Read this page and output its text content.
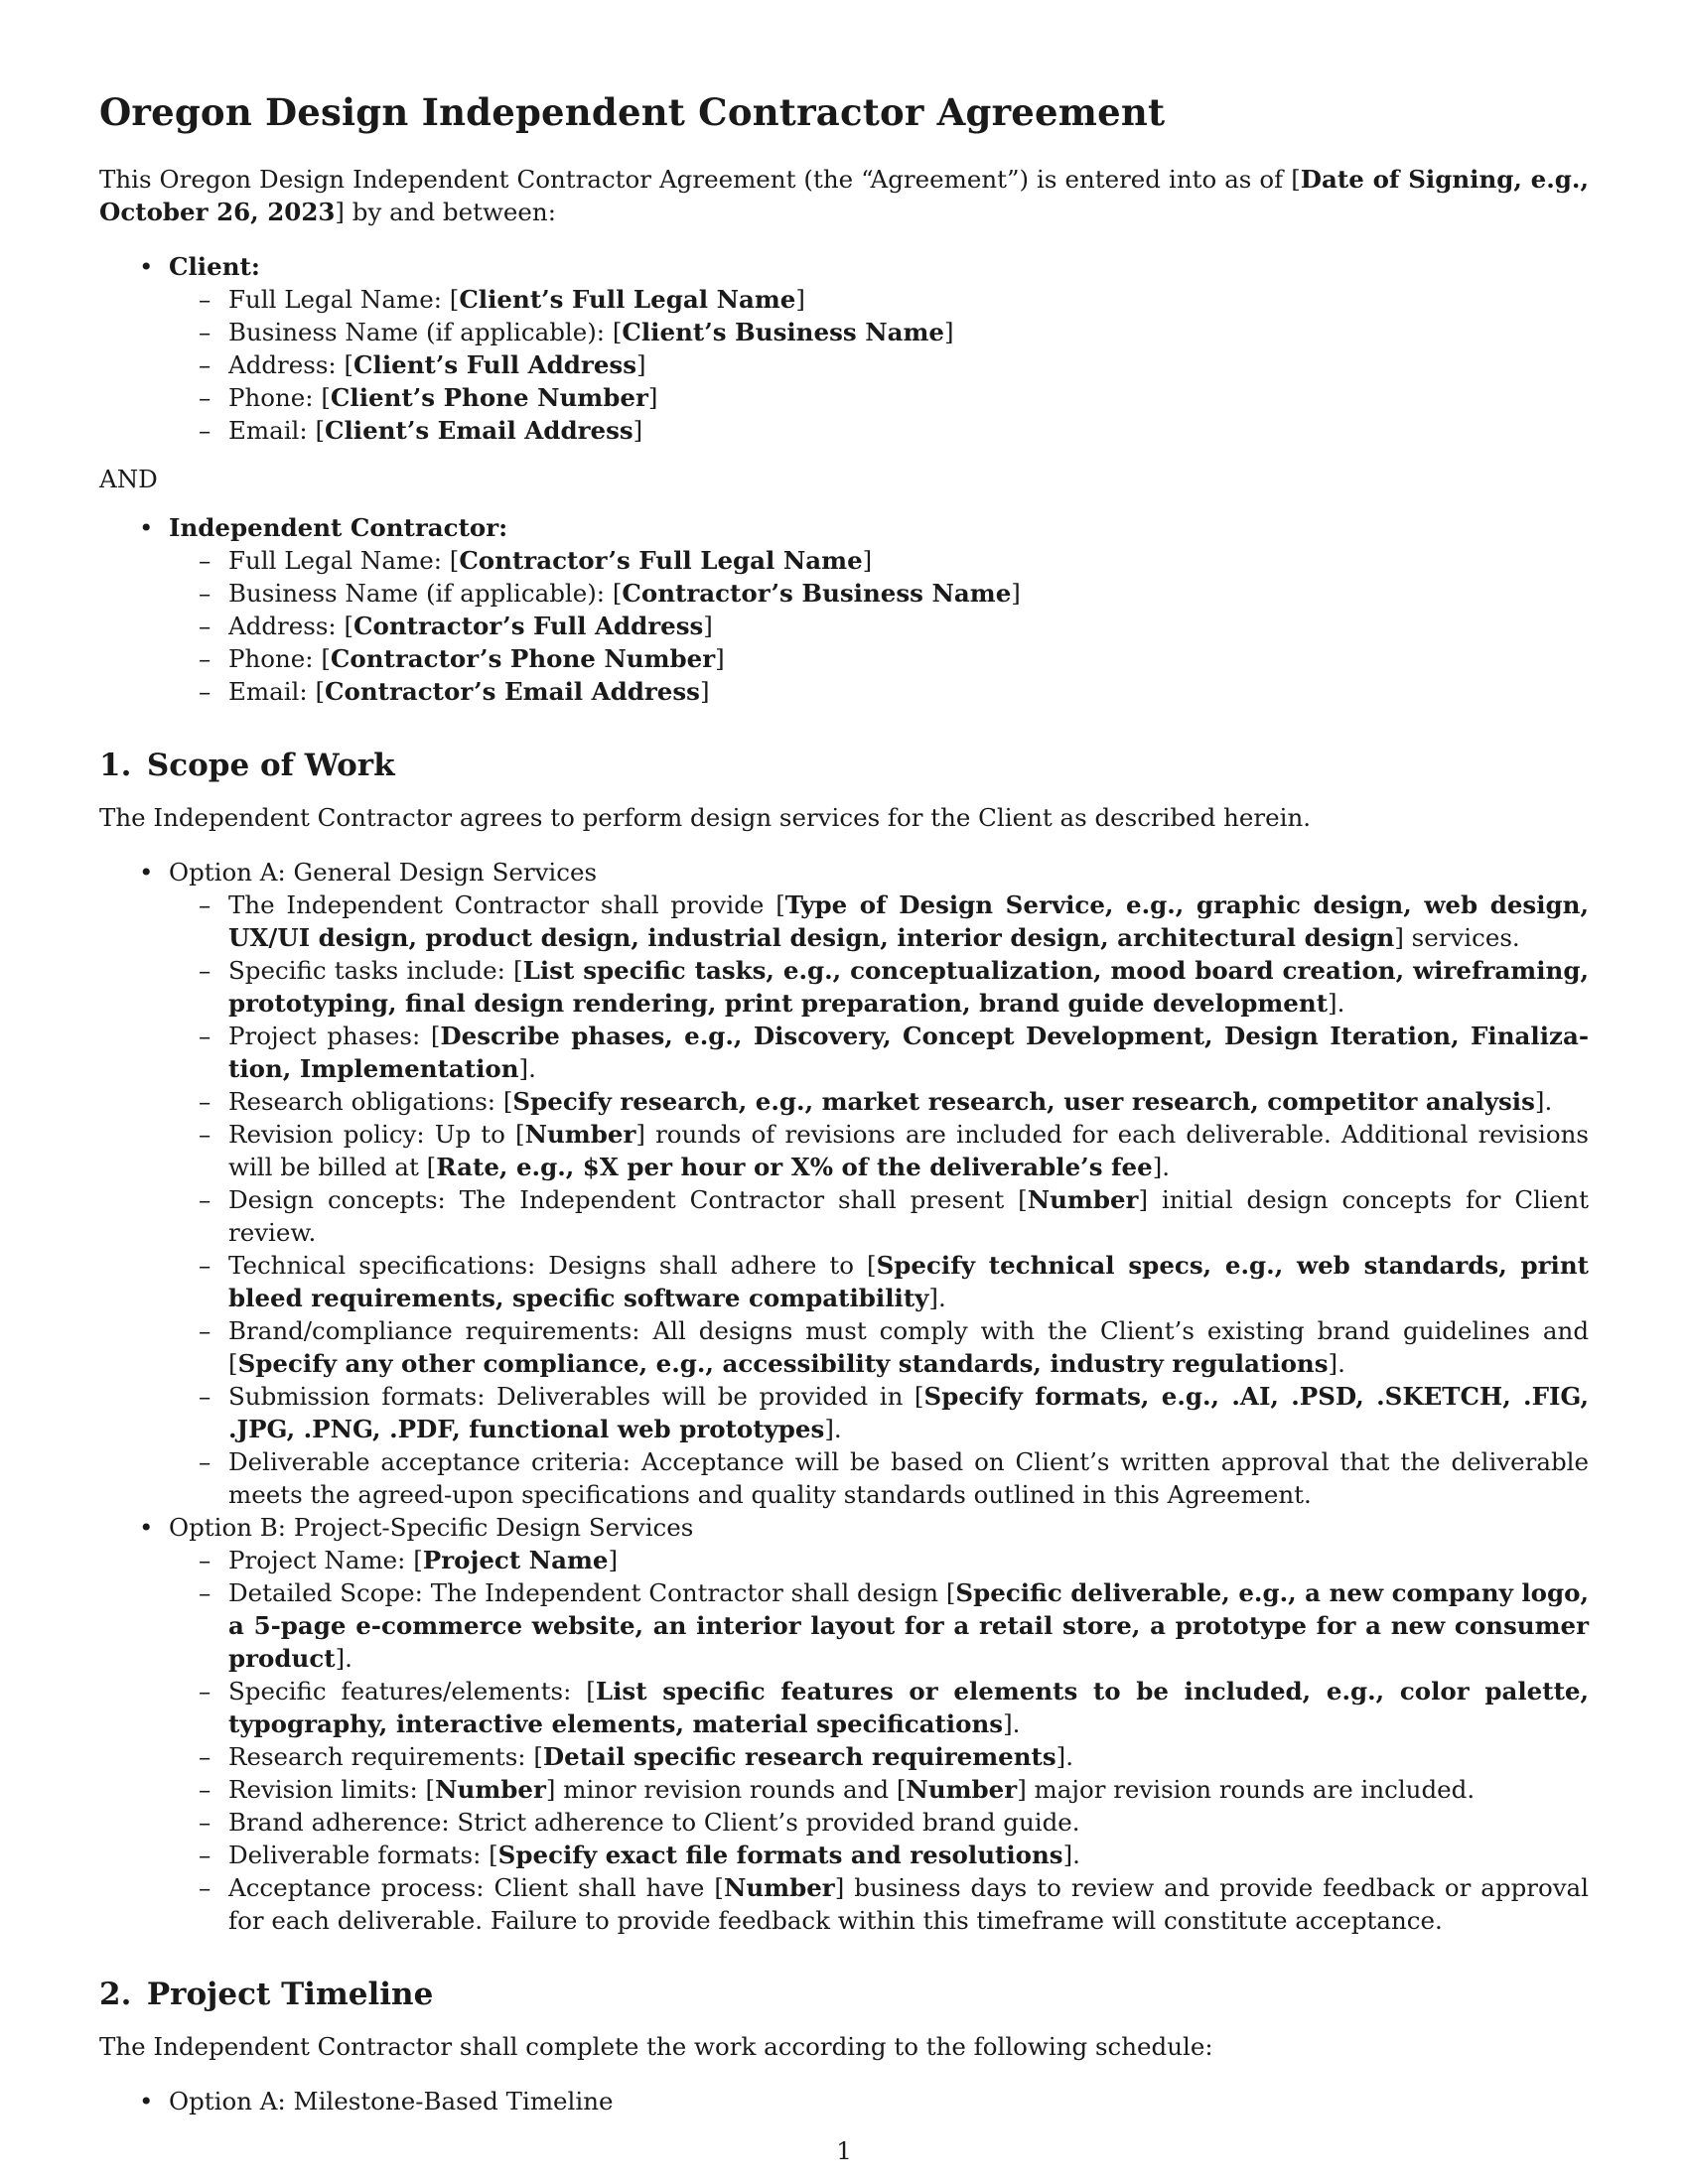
Oregon Design Independent Contractor Agreement

This Oregon Design Independent Contractor Agreement (the “Agreement”) is entered into as of [Date of Signing, e.g., October 26, 2023] by and between:

• Client:
– Full Legal Name: [Client’s Full Legal Name]
– Business Name (if applicable): [Client’s Business Name]
– Address: [Client’s Full Address]
– Phone: [Client’s Phone Number]
– Email: [Client’s Email Address]

AND

• Independent Contractor:
– Full Legal Name: [Contractor’s Full Legal Name]
– Business Name (if applicable): [Contractor’s Business Name]
– Address: [Contractor’s Full Address]
– Phone: [Contractor’s Phone Number]
– Email: [Contractor’s Email Address]
1. Scope of Work

The Independent Contractor agrees to perform design services for the Client as described herein.

• Option A: General Design Services
– The Independent Contractor shall provide [Type of Design Service, e.g., graphic design, web design, UX/UI design, product design, industrial design, interior design, architectural design] services.
– Specific tasks include: [List specific tasks, e.g., conceptualization, mood board creation, wireframing, prototyping, final design rendering, print preparation, brand guide development].
– Project phases: [Describe phases, e.g., Discovery, Concept Development, Design Iteration, Finalization, Implementation].
– Research obligations: [Specify research, e.g., market research, user research, competitor analysis].
– Revision policy: Up to [Number] rounds of revisions are included for each deliverable. Additional revisions will be billed at [Rate, e.g., $X per hour or X% of the deliverable’s fee].
– Design concepts: The Independent Contractor shall present [Number] initial design concepts for Client review.
– Technical specifications: Designs shall adhere to [Specify technical specs, e.g., web standards, print bleed requirements, specific software compatibility].
– Brand/compliance requirements: All designs must comply with the Client’s existing brand guidelines and [Specify any other compliance, e.g., accessibility standards, industry regulations].
– Submission formats: Deliverables will be provided in [Specify formats, e.g., .AI, .PSD, .SKETCH, .FIG, .JPG, .PNG, .PDF, functional web prototypes].
– Deliverable acceptance criteria: Acceptance will be based on Client’s written approval that the deliverable meets the agreed-upon specifications and quality standards outlined in this Agreement.
• Option B: Project-Specific Design Services
– Project Name: [Project Name]
– Detailed Scope: The Independent Contractor shall design [Specific deliverable, e.g., a new company logo, a 5-page e-commerce website, an interior layout for a retail store, a prototype for a new consumer product].
– Specific features/elements: [List specific features or elements to be included, e.g., color palette, typography, interactive elements, material specifications].
– Research requirements: [Detail specific research requirements].
– Revision limits: [Number] minor revision rounds and [Number] major revision rounds are included.
– Brand adherence: Strict adherence to Client’s provided brand guide.
– Deliverable formats: [Specify exact file formats and resolutions].
– Acceptance process: Client shall have [Number] business days to review and provide feedback or approval for each deliverable. Failure to provide feedback within this timeframe will constitute acceptance.
2. Project Timeline

The Independent Contractor shall complete the work according to the following schedule:

• Option A: Milestone-Based Timeline
1
